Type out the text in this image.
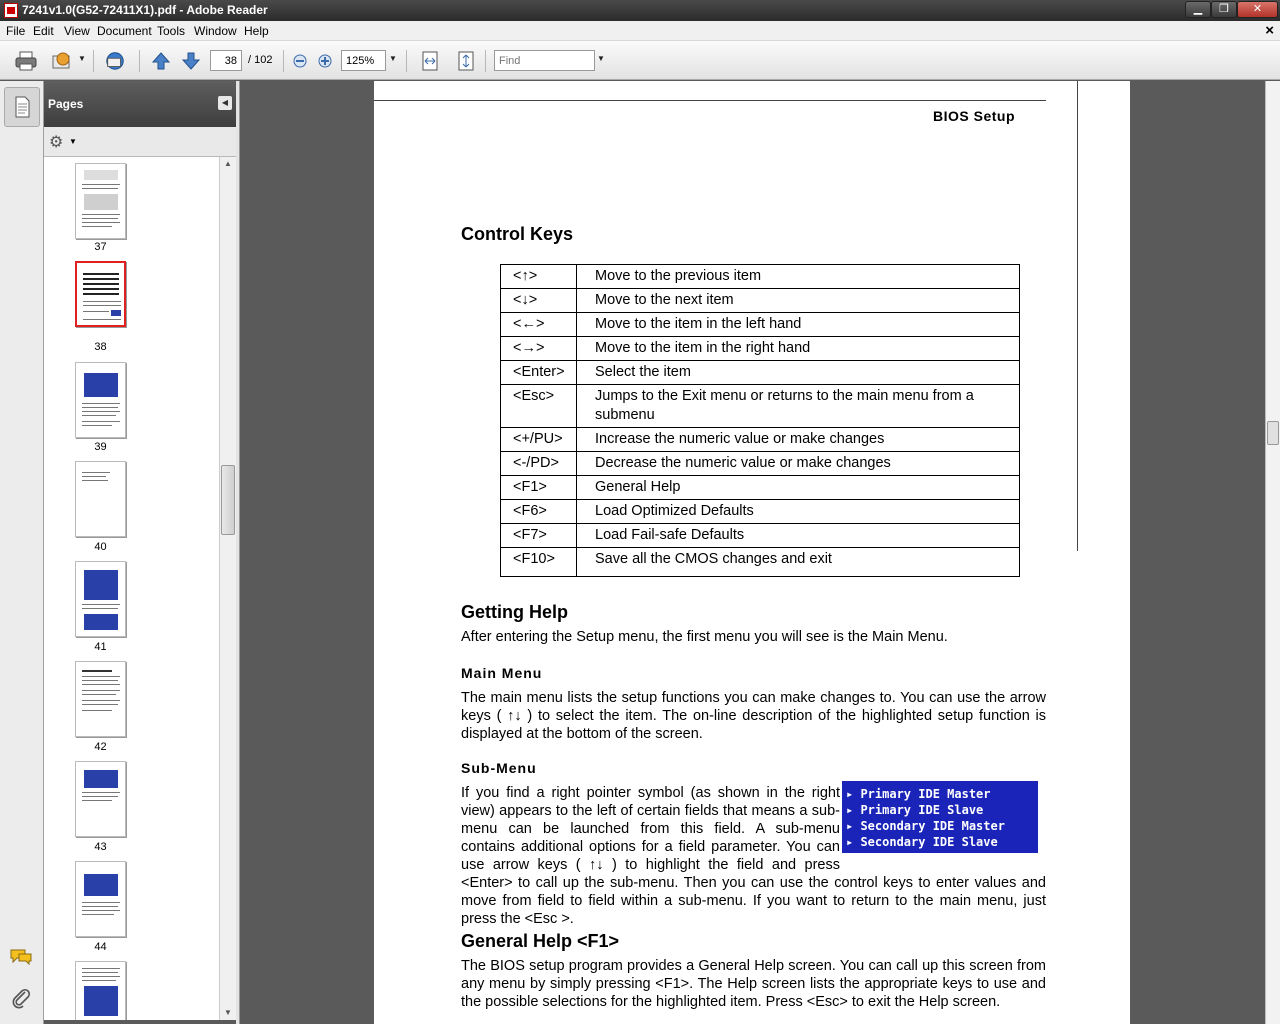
7241v1.0(G52-72411X1).pdf - Adobe Reader	▁	❐	✕
File Edit View Document Tools Window Help	×
▼
38	/ 102
125%	▼
Find	▼
Pages	◀
⚙ ▼
37
38
39
40
41
42
43
44
▲
▼
BIOS Setup
Control Keys
<↑>	Move to the previous item
<↓>	Move to the next item
<←>	Move to the item in the left hand
<→>	Move to the item in the right hand
<Enter>	Select the item
<Esc>	Jumps to the Exit menu or returns to the main menu from a submenu
<+/PU>	Increase the numeric value or make changes
<-/PD>	Decrease the numeric value or make changes
<F1>	General Help
<F6>	Load Optimized Defaults
<F7>	Load Fail-safe Defaults
<F10>	Save all the CMOS changes and exit
Getting Help
After entering the Setup menu, the first menu you will see is the Main Menu.
Main Menu
The main menu lists the setup functions you can make changes to. You can use the arrow keys ( ↑↓ ) to select the item. The on-line description of the highlighted setup function is displayed at the bottom of the screen.
Sub-Menu
If you find a right pointer symbol (as shown in the right view) appears to the left of certain fields that means a sub-menu can be launched from this field. A sub-menu contains additional options for a field parameter. You can use arrow keys ( ↑↓ ) to highlight the field and press <Enter> to call up the sub-menu. Then you can use the control keys to enter values and move from field to field within a sub-menu. If you want to return to the main menu, just press the <Esc >.
▸ Primary IDE Master
▸ Primary IDE Slave
▸ Secondary IDE Master
▸ Secondary IDE Slave
General Help <F1>
The BIOS setup program provides a General Help screen. You can call up this screen from any menu by simply pressing <F1>. The Help screen lists the appropriate keys to use and the possible selections for the highlighted item. Press <Esc> to exit the Help screen.
